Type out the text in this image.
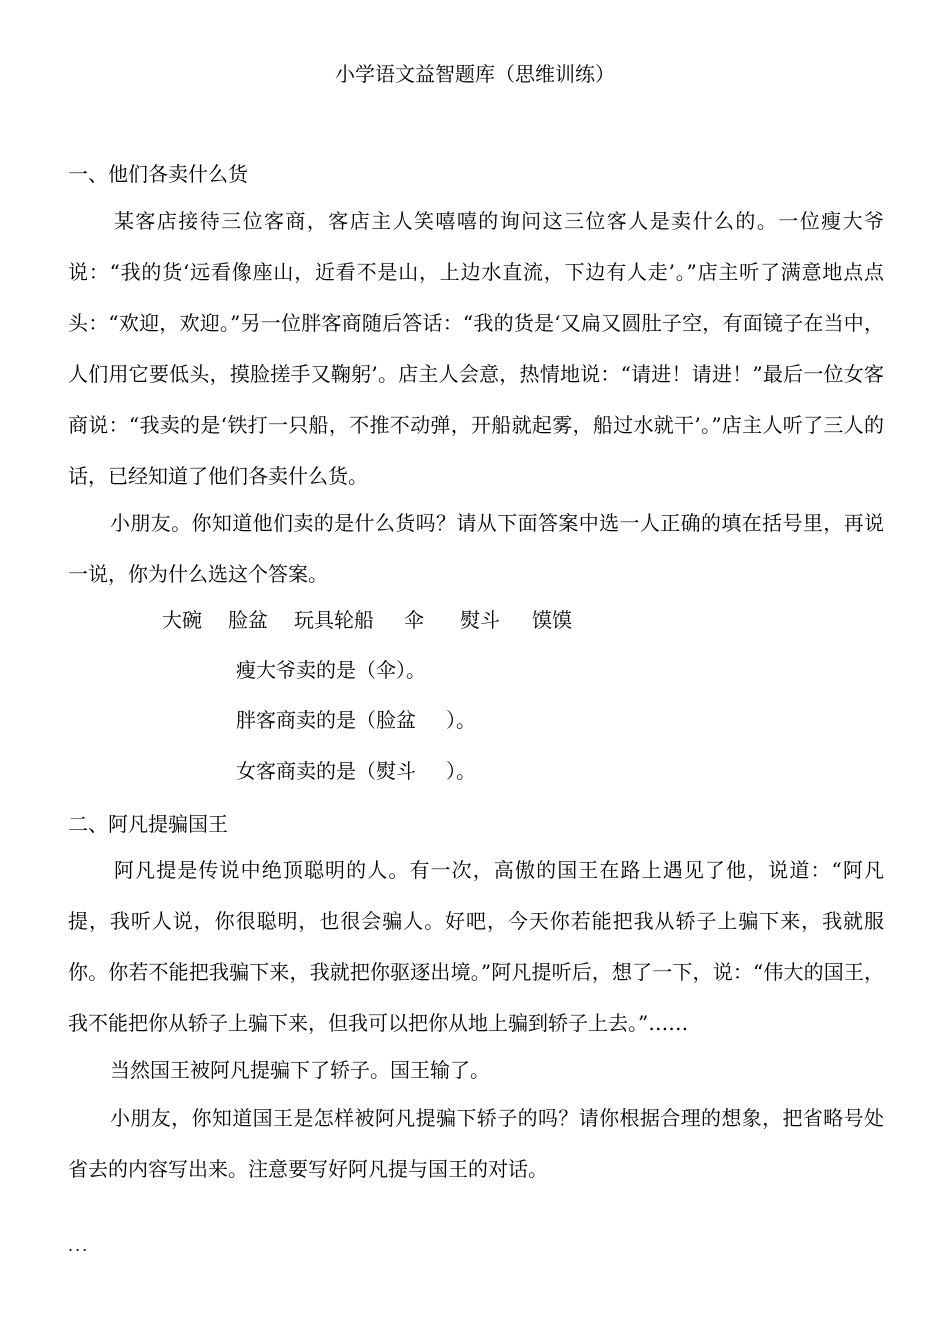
小学语文益智题库（思维训练）
一、他们各卖什么货
某客店接待三位客商，客店主人笑嘻嘻的询问这三位客人是卖什么的。一位瘦大爷说：“我的货‘远看像座山，近看不是山，上边水直流，下边有人走’。”店主听了满意地点点头：“欢迎，欢迎。”另一位胖客商随后答话：“我的货是‘又扁又圆肚子空，有面镜子在当中，人们用它要低头，摸脸搓手又鞠躬’。店主人会意，热情地说：“请进！请进！”最后一位女客商说：“我卖的是‘铁打一只船，不推不动弹，开船就起雾，船过水就干’。”店主人听了三人的话，已经知道了他们各卖什么货。
小朋友。你知道他们卖的是什么货吗？请从下面答案中选一人正确的填在括号里，再说一说，你为什么选这个答案。
大碗 脸盆 玩具轮船 伞 熨斗 馍馍
瘦大爷卖的是（伞）。
胖客商卖的是（脸盆 ）。
女客商卖的是（熨斗 ）。
二、阿凡提骗国王
阿凡提是传说中绝顶聪明的人。有一次，高傲的国王在路上遇见了他，说道：“阿凡提，我听人说，你很聪明，也很会骗人。好吧，今天你若能把我从轿子上骗下来，我就服你。你若不能把我骗下来，我就把你驱逐出境。”阿凡提听后，想了一下，说：“伟大的国王，我不能把你从轿子上骗下来，但我可以把你从地上骗到轿子上去。”……
当然国王被阿凡提骗下了轿子。国王输了。
小朋友，你知道国王是怎样被阿凡提骗下轿子的吗？请你根据合理的想象，把省略号处省去的内容写出来。注意要写好阿凡提与国王的对话。
...
